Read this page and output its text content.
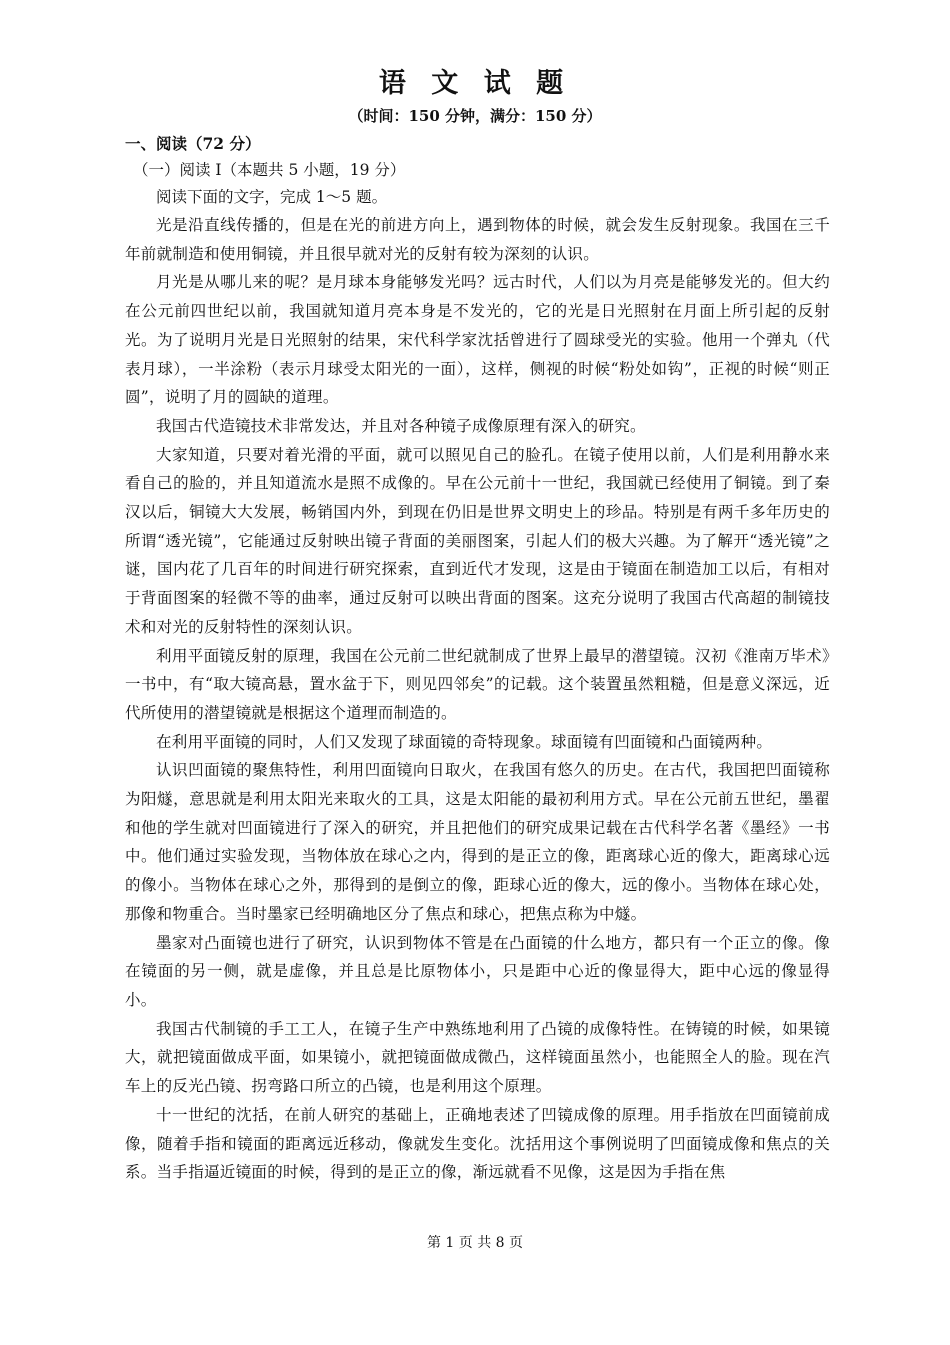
语 文 试 题

（时间：150 分钟，满分：150 分）

一、阅读（72 分）

（一）阅读 I（本题共 5 小题，19 分）

阅读下面的文字，完成 1～5 题。

光是沿直线传播的，但是在光的前进方向上，遇到物体的时候，就会发生反射现象。我国在三千年前就制造和使用铜镜，并且很早就对光的反射有较为深刻的认识。

月光是从哪儿来的呢？是月球本身能够发光吗？远古时代，人们以为月亮是能够发光的。但大约在公元前四世纪以前，我国就知道月亮本身是不发光的，它的光是日光照射在月面上所引起的反射光。为了说明月光是日光照射的结果，宋代科学家沈括曾进行了圆球受光的实验。他用一个弹丸（代表月球），一半涂粉（表示月球受太阳光的一面），这样，侧视的时候“粉处如钩”，正视的时候“则正圆”，说明了月的圆缺的道理。

我国古代造镜技术非常发达，并且对各种镜子成像原理有深入的研究。

大家知道，只要对着光滑的平面，就可以照见自己的脸孔。在镜子使用以前，人们是利用静水来看自己的脸的，并且知道流水是照不成像的。早在公元前十一世纪，我国就已经使用了铜镜。到了秦汉以后，铜镜大大发展，畅销国内外，到现在仍旧是世界文明史上的珍品。特别是有两千多年历史的所谓“透光镜”，它能通过反射映出镜子背面的美丽图案，引起人们的极大兴趣。为了解开“透光镜”之谜，国内花了几百年的时间进行研究探索，直到近代才发现，这是由于镜面在制造加工以后，有相对于背面图案的轻微不等的曲率，通过反射可以映出背面的图案。这充分说明了我国古代高超的制镜技术和对光的反射特性的深刻认识。

利用平面镜反射的原理，我国在公元前二世纪就制成了世界上最早的潜望镜。汉初《淮南万毕术》一书中，有“取大镜高悬，置水盆于下，则见四邻矣”的记载。这个装置虽然粗糙，但是意义深远，近代所使用的潜望镜就是根据这个道理而制造的。

在利用平面镜的同时，人们又发现了球面镜的奇特现象。球面镜有凹面镜和凸面镜两种。

认识凹面镜的聚焦特性，利用凹面镜向日取火，在我国有悠久的历史。在古代，我国把凹面镜称为阳燧，意思就是利用太阳光来取火的工具，这是太阳能的最初利用方式。早在公元前五世纪，墨翟和他的学生就对凹面镜进行了深入的研究，并且把他们的研究成果记载在古代科学名著《墨经》一书中。他们通过实验发现，当物体放在球心之内，得到的是正立的像，距离球心近的像大，距离球心远的像小。当物体在球心之外，那得到的是倒立的像，距球心近的像大，远的像小。当物体在球心处，那像和物重合。当时墨家已经明确地区分了焦点和球心，把焦点称为中燧。

墨家对凸面镜也进行了研究，认识到物体不管是在凸面镜的什么地方，都只有一个正立的像。像在镜面的另一侧，就是虚像，并且总是比原物体小，只是距中心近的像显得大，距中心远的像显得小。

我国古代制镜的手工工人，在镜子生产中熟练地利用了凸镜的成像特性。在铸镜的时候，如果镜大，就把镜面做成平面，如果镜小，就把镜面做成微凸，这样镜面虽然小，也能照全人的脸。现在汽车上的反光凸镜、拐弯路口所立的凸镜，也是利用这个原理。

十一世纪的沈括，在前人研究的基础上，正确地表述了凹镜成像的原理。用手指放在凹面镜前成像，随着手指和镜面的距离远近移动，像就发生变化。沈括用这个事例说明了凹面镜成像和焦点的关系。当手指逼近镜面的时候，得到的是正立的像，渐远就看不见像，这是因为手指在焦

第 1 页 共 8 页
